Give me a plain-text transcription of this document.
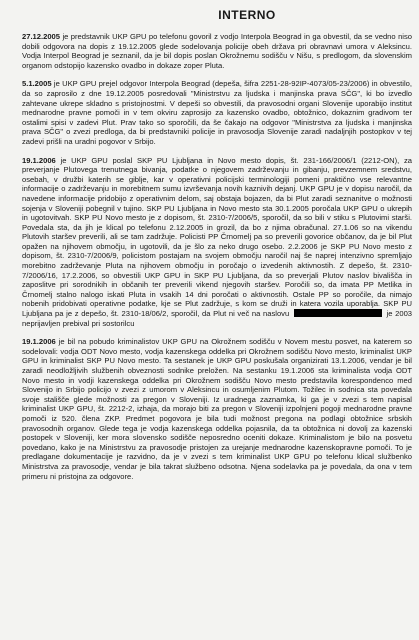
INTERNO

27.12.2005 je predstavnik UKP GPU po telefonu govoril z vodjo Interpola Beograd in ga obvestil, da se vedno niso dobili odgovora na dopis z 19.12.2005 glede sodelovanja policije obeh država pri obravnavi umora v Aleksincu. Vodja Interpol Beograd je seznanil, da je bil dopis poslan Okrožnemu sodišču v Nišu, s predlogom, da slovenskim organom odstopijo kazensko ovadbo in dokaze zoper Pluta.

5.1.2005 je UKP GPU prejel odgovor Interpola Beograd (depeša, šifra 2251-28-92IP-4073/05-23/2006) in obvestilo, da so zaprosilo z dne 19.12.2005 posredovali "Ministrstvu za ljudska i manjinska prava SČG", ki bo izvedlo zahtevane ukrepe skladno s pristojnostmi. V depeši so obvestili, da pravosodni organi Slovenije uporabijo institut mednarodne pravne pomoči in v tem okviru zaprosijo za kazensko ovadbo, obtožnico, dokaznim gradivom ter ostalimi spisi v zadevi Plut. Prav tako so sporočili, da še čakajo na odgovor "Ministrstva za ljudska i manjinska prava SČG" o zvezi predloga, da bi predstavniki policije in pravosodja Slovenije zaradi nadaljnjih postopkov v tej zadevi prišli na uradni pogovor v Srbijo.

19.1.2006 je UKP GPU poslal SKP PU Ljubljana in Novo mesto dopis, št. 231-166/2006/1 (2212-ON), za preverjanje Plutovega trenutnega bivanja, podatke o njegovem zadrževanju in gibanju, prevzemnem sredstvu, osebah, v družbi katerih se giblje, kar v operativni policijski terminologiji pomeni praktično vse relevantne informacije o zadrževanju in morebitnem sumu izvrševanja novih kaznivih dejanj. UKP GPU je v dopisu naročil, da navedene informacije pridobijo z operativnim delom, saj obstaja bojazen, da bi Plut zaradi seznanitve o možnosti sojenja v Sloveniji pobegnil v tujino. SKP PU Ljubljana in Novo mesto sta 30.1.2005 poročala UKP GPU o ukrepih in ugotovitvah. SKP PU Novo mesto je z dopisom, št. 2310-7/2006/5, sporočil, da so bili v stiku s Plutovimi starši. Povedala sta, da jih je klical po telefonu 2.12.2005 in grozil, da bo z njima obračunal. 27.1.06 so na vikendu Plutovih staršev preverili, ali se tam zadržuje. Policisti PP Črnomelj pa so preverili govorice občanov, da je bil Plut opažen na njihovem območju, in ugotovili, da je šlo za neko drugo osebo. 2.2.2006 je SKP PU Novo mesto z dopisom, št. 2310-7/2006/9, policistom postajam na svojem območju naročil naj še naprej intenzivno spremljajo morebitno zadrževanje Pluta na njihovem območju in poročajo o izvedenih aktivnostih. Z depešo, št. 2310-7/2006/16, 17.2.2006, so obvestili UKP GPU in SKP PU Ljubljana, da so preverjali Plutov naslov bivališča in zaposlitve pri sorodnikih in občanih ter preverili vikend njegovih staršev. Poročili so, da imata PP Metlika in Črnomelj stalno nalogo iskati Pluta in vsakih 14 dni poročati o aktivnostih. Ostale PP so poročile, da nimajo nobenih pridobivati operativne podatke, kje se Plut zadržuje, s kom se druži in katera vozila uporablja. SKP PU Ljubljana pa je z depešo, št. 2310-18/06/2, sporočil, da Plut ni več na naslovu	je 2003 neprijavljen prebival pri sostorilcu

19.1.2006 je bil na pobudo kriminalistov UKP GPU na Okrožnem sodišču v Novem mestu posvet, na katerem so sodelovali: vodja ODT Novo mesto, vodja kazenskega oddelka pri Okrožnem sodišču Novo mesto, kriminalist UKP GPU in kriminalist SKP PU Novo mesto. Ta sestanek je UKP GPU poskušala organizirati 13.1.2006, vendar je bil zaradi neodložljivih službenih obveznosti sodnike preložen. Na sestanku 19.1.2006 sta kriminalista vodja ODT Novo mesto in vodji kazenskega oddelka pri Okrožnem sodišču Novo mesto predstavila korespondenco med Slovenijo in Srbijo policijo v zvezi z umorom v Aleksincu in osumljenim Plutom. Tožilec in sodnica sta povedala svoje stališče glede možnosti za pregon v Sloveniji. Iz uradnega zaznamka, ki ga je v zvezi s tem napisal kriminalist UKP GPU, št. 2212-2, izhaja, da morajo biti za pregon v Sloveniji izpolnjeni pogoji mednarodne pravne pomoči iz 520. člena ZKP. Predmet pogovora je bila tudi možnost pregona na podlagi obtožnice srbskih pravosodnih organov. Glede tega je vodja kazenskega oddelka pojasnila, da ta obtožnica ni dovolj za kazenski postopek v Sloveniji, ker mora slovensko sodišče neposredno oceniti dokaze. Kriminalistom je bilo na posvetu povedano, kako je na Ministrstvu za pravosodje pristojen za urejanje mednarodne kazenskopravne pomoči. To je predlagane dokumentacije je razvidno, da je v zvezi s tem kriminalist UKP GPU po telefonu klical službenko Ministrstva za pravosodje, vendar je bila takrat službeno odsotna. Njena sodelavka pa je povedala, da ona v tem primeru ni pristojna za odgovore.
